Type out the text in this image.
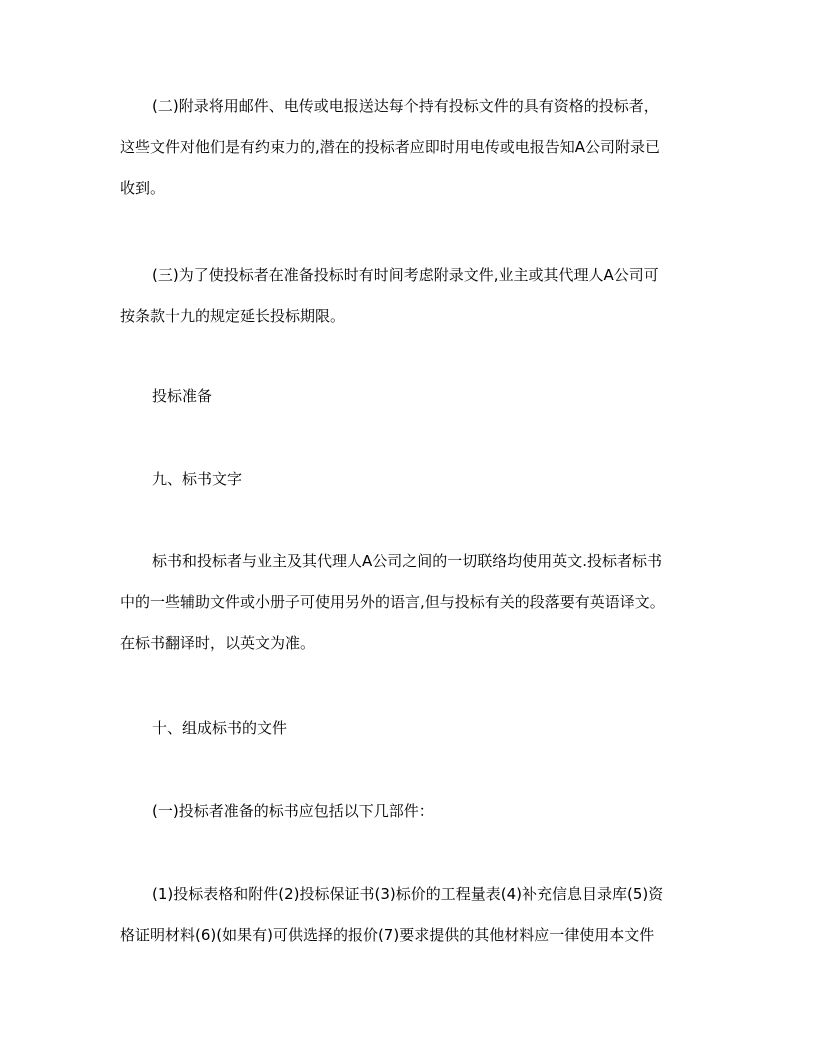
(二)附录将用邮件、电传或电报送达每个持有投标文件的具有资格的投标者，
这些文件对他们是有约束力的,潜在的投标者应即时用电传或电报告知A公司附录已
收到。
(三)为了使投标者在准备投标时有时间考虑附录文件,业主或其代理人A公司可
按条款十九的规定延长投标期限。
投标准备
九、标书文字
标书和投标者与业主及其代理人A公司之间的一切联络均使用英文.投标者标书
中的一些辅助文件或小册子可使用另外的语言,但与投标有关的段落要有英语译文。
在标书翻译时，以英文为准。
十、组成标书的文件
(一)投标者准备的标书应包括以下几部件：
(1)投标表格和附件(2)投标保证书(3)标价的工程量表(4)补充信息目录库(5)资
格证明材料(6)(如果有)可供选择的报价(7)要求提供的其他材料应一律使用本文件
